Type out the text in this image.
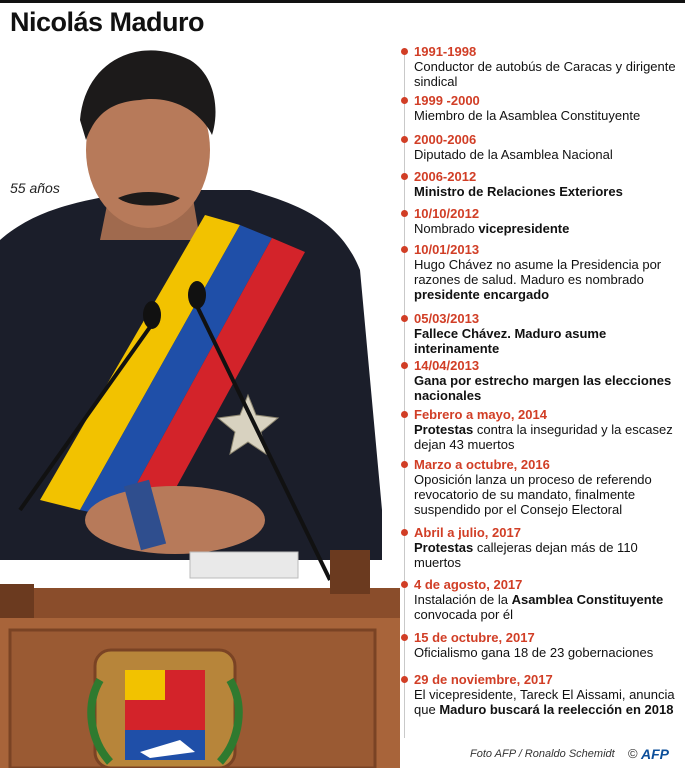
Nicolás Maduro
55 años
1991-1998
Conductor de autobús de Caracas y dirigente sindical
1999 -2000
Miembro de la Asamblea Constituyente
2000-2006
Diputado de la Asamblea Nacional
2006-2012
Ministro de Relaciones Exteriores
10/10/2012
Nombrado vicepresidente
10/01/2013
Hugo Chávez no asume la Presidencia por razones de salud. Maduro es nombrado presidente encargado
05/03/2013
Fallece Chávez. Maduro asume interinamente
14/04/2013
Gana por estrecho margen las elecciones nacionales
Febrero a mayo, 2014
Protestas contra la inseguridad y la escasez dejan 43 muertos
Marzo a octubre, 2016
Oposición lanza un proceso de referendo revocatorio de su mandato, finalmente suspendido por el Consejo Electoral
Abril a julio, 2017
Protestas callejeras dejan más de 110 muertos
4 de agosto, 2017
Instalación de la Asamblea Constituyente convocada por él
15 de octubre, 2017
Oficialismo gana 18 de 23 gobernaciones
29 de noviembre, 2017
El vicepresidente, Tareck El Aissami, anuncia que Maduro buscará la reelección en 2018
Foto AFP / Ronaldo Schemidt © AFP
